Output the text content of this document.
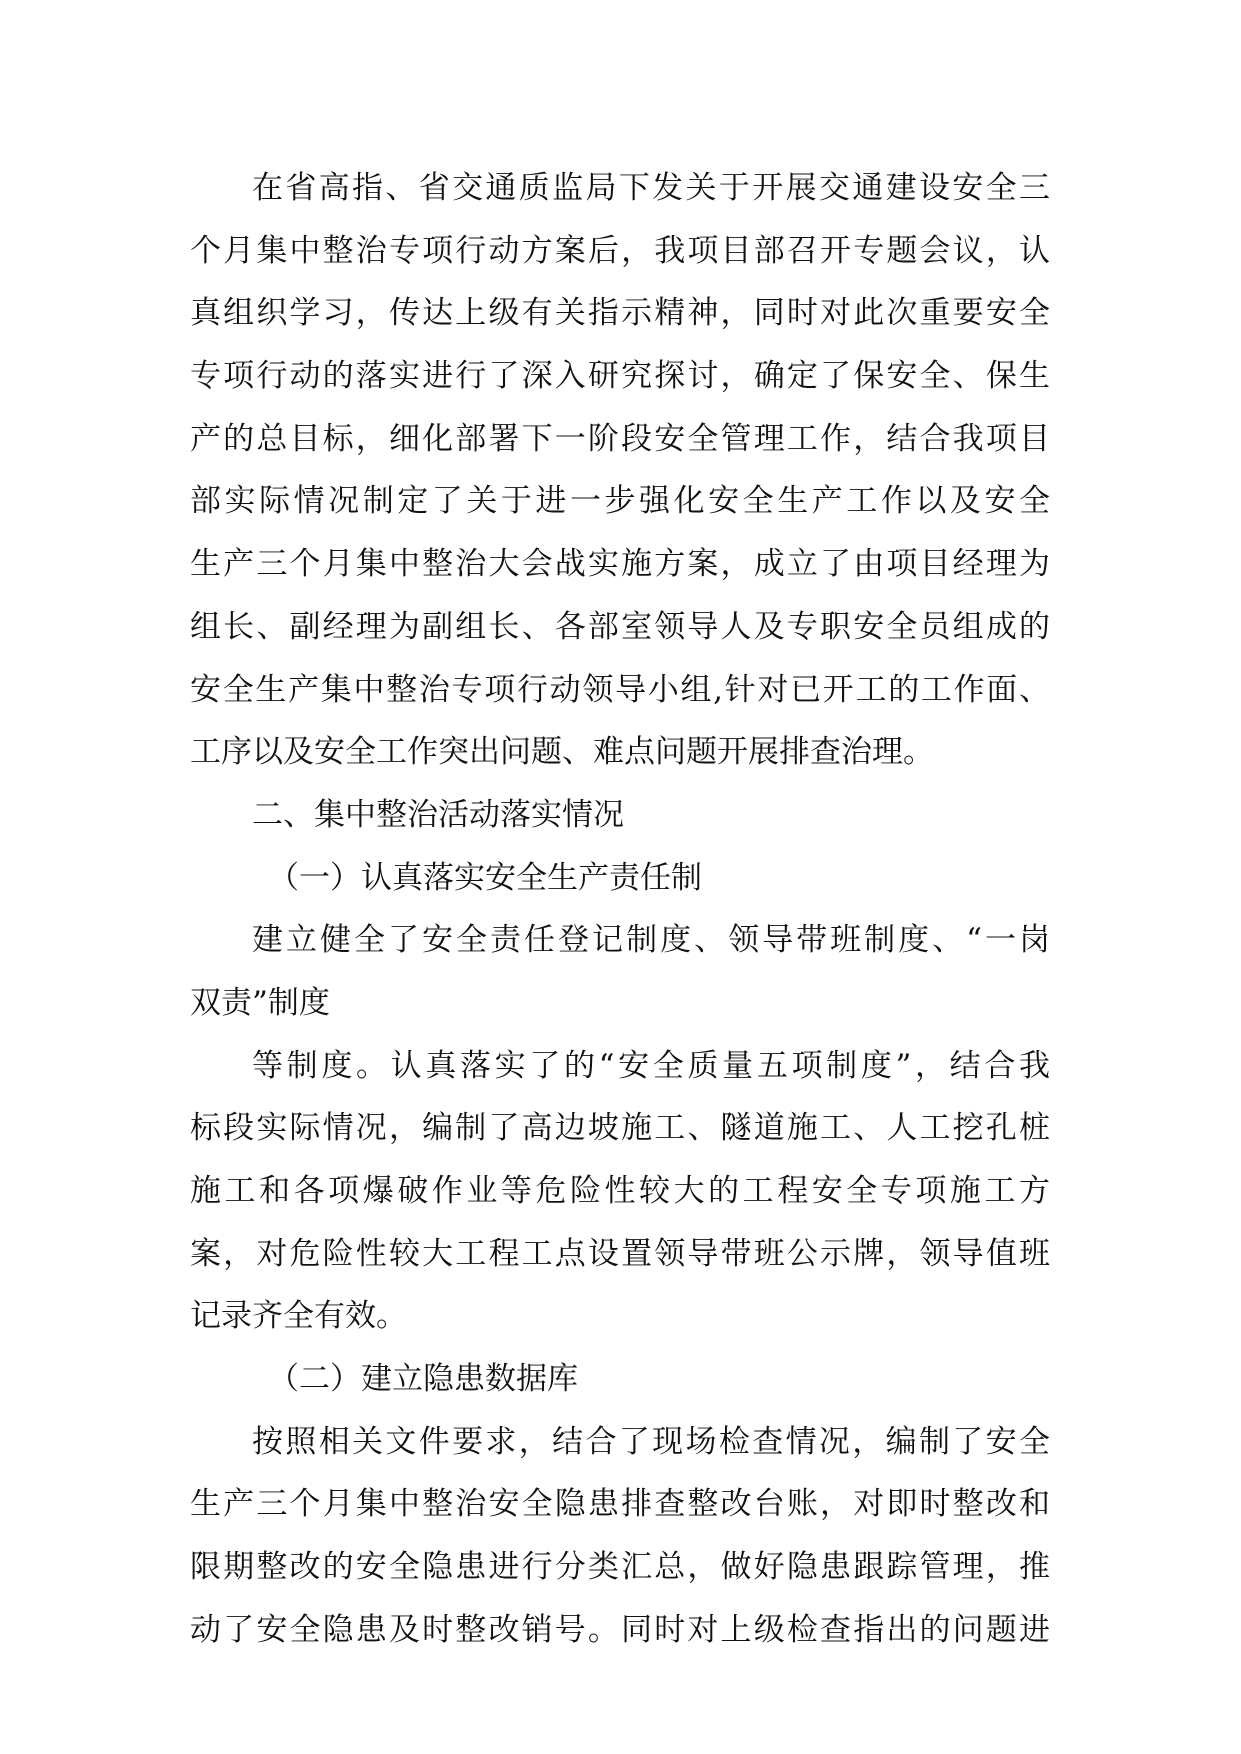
在省高指、省交通质监局下发关于开展交通建设安全三
个月集中整治专项行动方案后，我项目部召开专题会议，认
真组织学习，传达上级有关指示精神，同时对此次重要安全
专项行动的落实进行了深入研究探讨，确定了保安全、保生
产的总目标，细化部署下一阶段安全管理工作，结合我项目
部实际情况制定了关于进一步强化安全生产工作以及安全
生产三个月集中整治大会战实施方案，成立了由项目经理为
组长、副经理为副组长、各部室领导人及专职安全员组成的
安全生产集中整治专项行动领导小组,针对已开工的工作面、
工序以及安全工作突出问题、难点问题开展排查治理。
二、集中整治活动落实情况
（一）认真落实安全生产责任制
建立健全了安全责任登记制度、领导带班制度、“一岗
双责”制度
等制度。认真落实了的“安全质量五项制度”，结合我
标段实际情况，编制了高边坡施工、隧道施工、人工挖孔桩
施工和各项爆破作业等危险性较大的工程安全专项施工方
案，对危险性较大工程工点设置领导带班公示牌，领导值班
记录齐全有效。
（二）建立隐患数据库
按照相关文件要求，结合了现场检查情况，编制了安全
生产三个月集中整治安全隐患排查整改台账，对即时整改和
限期整改的安全隐患进行分类汇总，做好隐患跟踪管理，推
动了安全隐患及时整改销号。同时对上级检查指出的问题进
